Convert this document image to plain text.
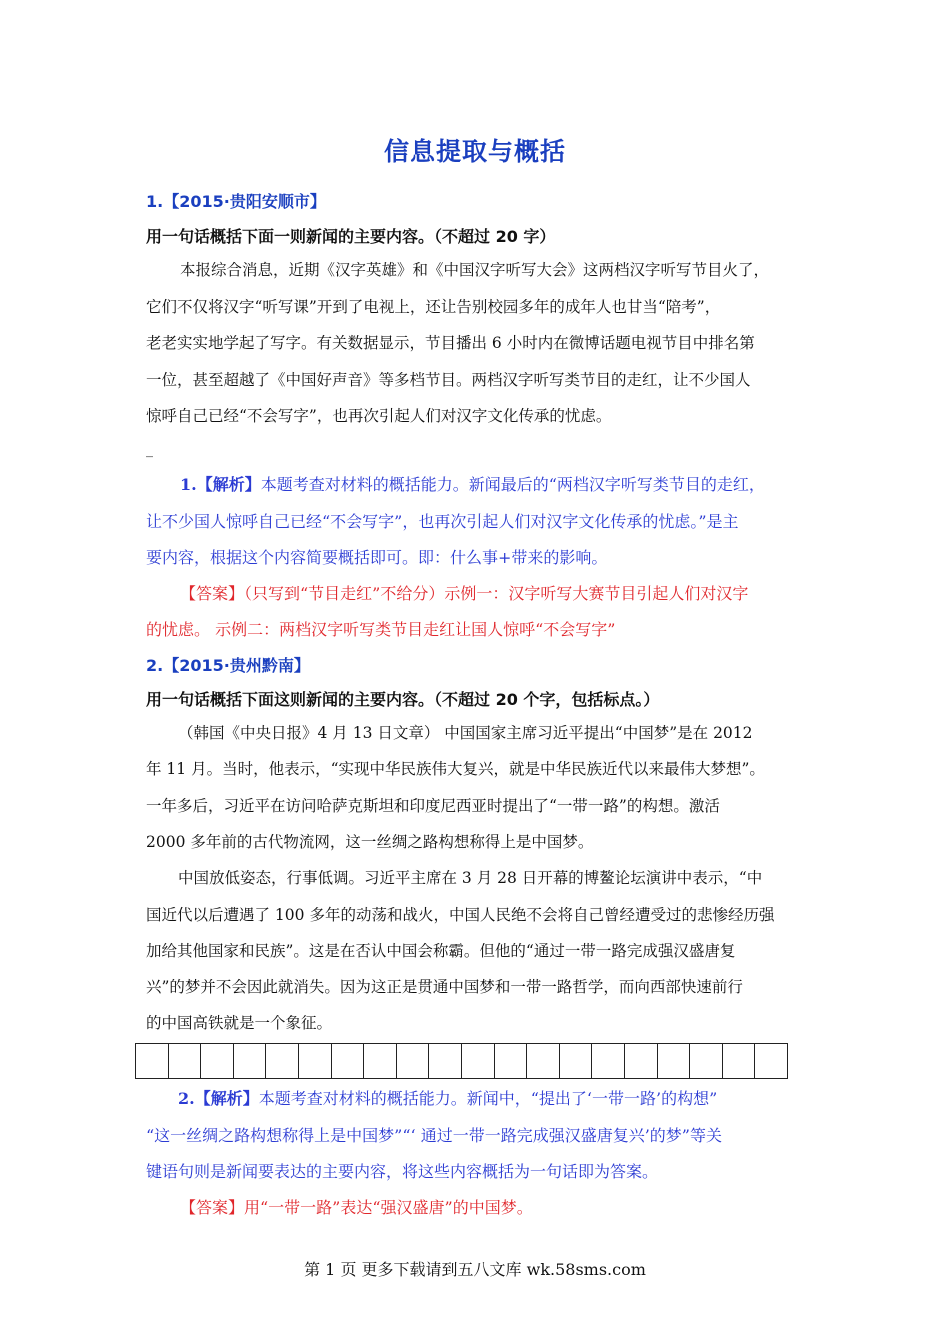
信息提取与概括
1.【2015·贵阳安顺市】
用一句话概括下面一则新闻的主要内容。（不超过 20 字）
本报综合消息，近期《汉字英雄》和《中国汉字听写大会》这两档汉字听写节目火了，
它们不仅将汉字“听写课”开到了电视上，还让告别校园多年的成年人也甘当“陪考”，
老老实实地学起了写字。有关数据显示，节目播出 6 小时内在微博话题电视节目中排名第
一位，甚至超越了《中国好声音》等多档节目。两档汉字听写类节目的走红，让不少国人
惊呼自己已经“不会写字”，也再次引起人们对汉字文化传承的忧虑。
_
1.【解析】本题考查对材料的概括能力。新闻最后的“两档汉字听写类节目的走红，
让不少国人惊呼自己已经“不会写字”，也再次引起人们对汉字文化传承的忧虑。”是主
要内容，根据这个内容简要概括即可。即：什么事+带来的影响。
【答案】（只写到“节目走红”不给分）示例一：汉字听写大赛节目引起人们对汉字
的忧虑。 示例二：两档汉字听写类节目走红让国人惊呼“不会写字”
2.【2015·贵州黔南】
用一句话概括下面这则新闻的主要内容。（不超过 20 个字，包括标点。）
（韩国《中央日报》4 月 13 日文章） 中国国家主席习近平提出“中国梦”是在 2012
年 11 月。当时，他表示，“实现中华民族伟大复兴，就是中华民族近代以来最伟大梦想”。
一年多后，习近平在访问哈萨克斯坦和印度尼西亚时提出了“一带一路”的构想。激活
2000 多年前的古代物流网，这一丝绸之路构想称得上是中国梦。
中国放低姿态，行事低调。习近平主席在 3 月 28 日开幕的博鳌论坛演讲中表示，“中
国近代以后遭遇了 100 多年的动荡和战火，中国人民绝不会将自己曾经遭受过的悲惨经历强
加给其他国家和民族”。这是在否认中国会称霸。但他的“通过一带一路完成强汉盛唐复
兴”的梦并不会因此就消失。因为这正是贯通中国梦和一带一路哲学，而向西部快速前行
的中国高铁就是一个象征。
2.【解析】本题考查对材料的概括能力。新闻中，“提出了‘一带一路’的构想”
“这一丝绸之路构想称得上是中国梦”“‘ 通过一带一路完成强汉盛唐复兴’的梦”等关
键语句则是新闻要表达的主要内容，将这些内容概括为一句话即为答案。
【答案】用“一带一路”表达“强汉盛唐”的中国梦。
第 1 页 更多下载请到五八文库 wk.58sms.com
